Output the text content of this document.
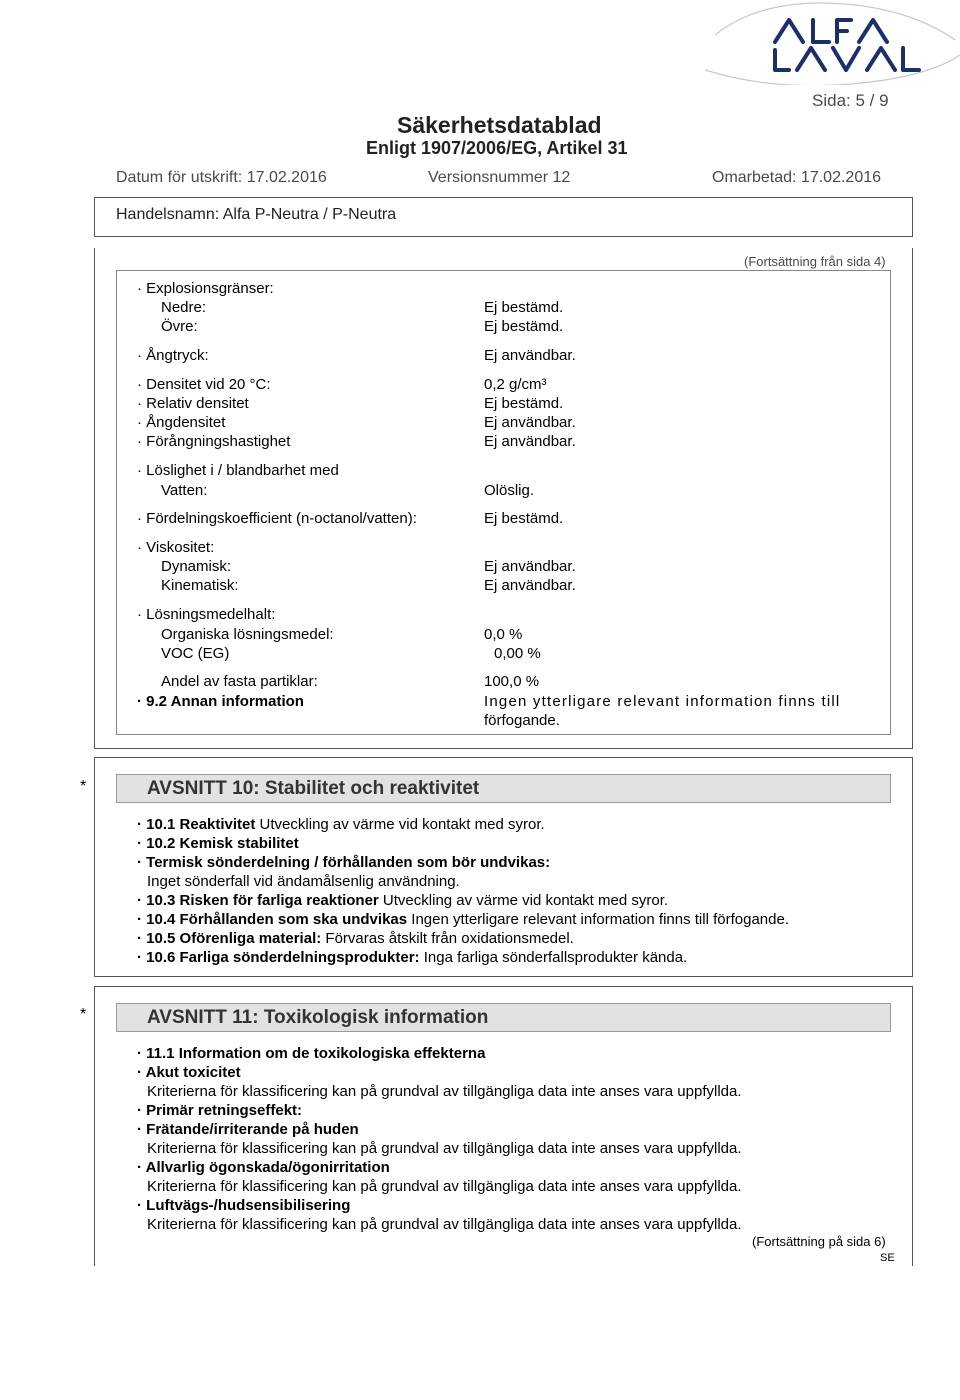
Sida: 5 / 9
Säkerhetsdatablad
Enligt 1907/2006/EG, Artikel 31
Datum för utskrift: 17.02.2016	Versionsnummer 12	Omarbetad: 17.02.2016
Handelsnamn: Alfa P-Neutra / P-Neutra
(Fortsättning från sida 4)
· Explosionsgränser:
Nedre:	Ej bestämd.
Övre:	Ej bestämd.
· Ångtryck:	Ej användbar.
· Densitet vid 20 °C:	0,2 g/cm³
· Relativ densitet	Ej bestämd.
· Ångdensitet	Ej användbar.
· Förångningshastighet	Ej användbar.
· Löslighet i / blandbarhet med
Vatten:	Olöslig.
· Fördelningskoefficient (n-octanol/vatten):	Ej bestämd.
· Viskositet:
Dynamisk:	Ej användbar.
Kinematisk:	Ej användbar.
· Lösningsmedelhalt:
Organiska lösningsmedel:	0,0 %
VOC (EG)	0,00 %
Andel av fasta partiklar:	100,0 %
· 9.2 Annan information	Ingen ytterligare relevant information finns till
förfogande.
*	AVSNITT 10: Stabilitet och reaktivitet
· 10.1 Reaktivitet Utveckling av värme vid kontakt med syror.
· 10.2 Kemisk stabilitet
· Termisk sönderdelning / förhållanden som bör undvikas:
Inget sönderfall vid ändamålsenlig användning.
· 10.3 Risken för farliga reaktioner Utveckling av värme vid kontakt med syror.
· 10.4 Förhållanden som ska undvikas Ingen ytterligare relevant information finns till förfogande.
· 10.5 Oförenliga material: Förvaras åtskilt från oxidationsmedel.
· 10.6 Farliga sönderdelningsprodukter: Inga farliga sönderfallsprodukter kända.
*	AVSNITT 11: Toxikologisk information
· 11.1 Information om de toxikologiska effekterna
· Akut toxicitet
Kriterierna för klassificering kan på grundval av tillgängliga data inte anses vara uppfyllda.
· Primär retningseffekt:
· Frätande/irriterande på huden
Kriterierna för klassificering kan på grundval av tillgängliga data inte anses vara uppfyllda.
· Allvarlig ögonskada/ögonirritation
Kriterierna för klassificering kan på grundval av tillgängliga data inte anses vara uppfyllda.
· Luftvägs-/hudsensibilisering
Kriterierna för klassificering kan på grundval av tillgängliga data inte anses vara uppfyllda.
(Fortsättning på sida 6)
SE
